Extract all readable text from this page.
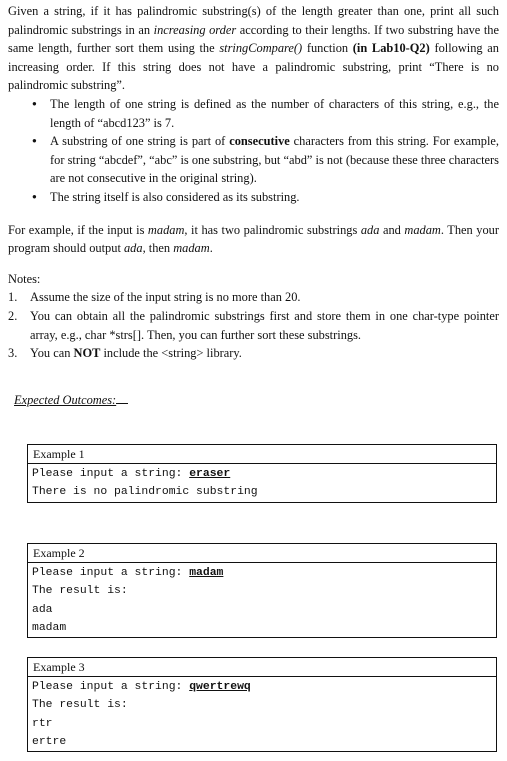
Given a string, if it has palindromic substring(s) of the length greater than one, print all such palindromic substrings in an increasing order according to their lengths. If two substring have the same length, further sort them using the stringCompare() function (in Lab10-Q2) following an increasing order. If this string does not have a palindromic substring, print “There is no palindromic substring”.

● The length of one string is defined as the number of characters of this string, e.g., the length of “abcd123” is 7.
● A substring of one string is part of consecutive characters from this string. For example, for string “abcdef”, “abc” is one substring, but “abd” is not (because these three characters are not consecutive in the original string).
● The string itself is also considered as its substring.

For example, if the input is madam, it has two palindromic substrings ada and madam. Then your program should output ada, then madam.

Notes:

1. Assume the size of the input string is no more than 20.
2. You can obtain all the palindromic substrings first and store them in one char-type pointer array, e.g., char *strs[]. Then, you can further sort these substrings.
3. You can NOT include the <string> library.

Expected Outcomes:

Example 1
Please input a string: eraser
There is no palindromic substring
Example 2
Please input a string: madam
The result is:
ada
madam
Example 3
Please input a string: qwertrewq
The result is:
rtr
ertre
